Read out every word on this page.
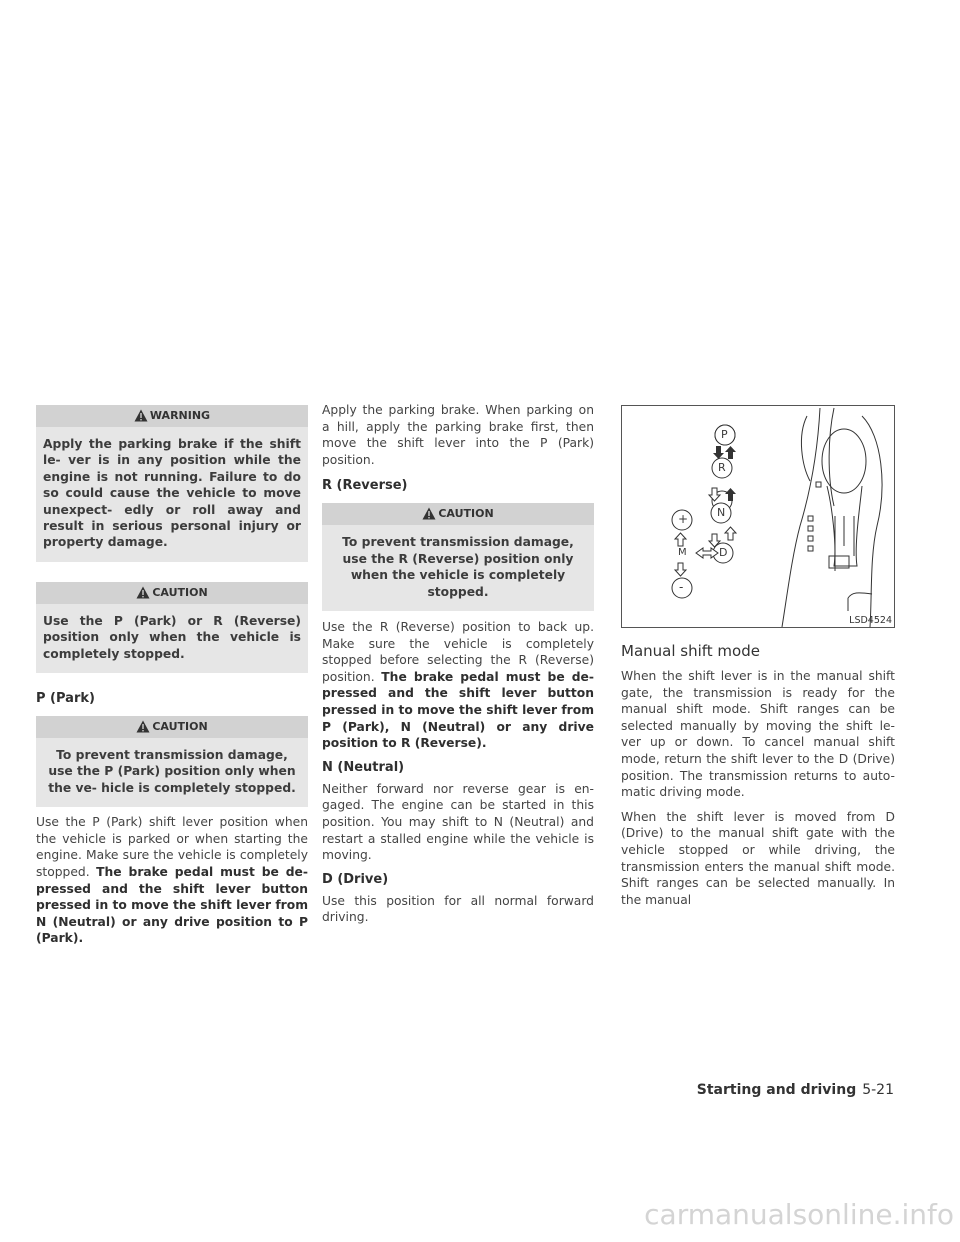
WARNING
Apply the parking brake if the shift le- ver is in any position while the engine is not running. Failure to do so could cause the vehicle to move unexpect- edly or roll away and result in serious personal injury or property damage.
CAUTION
Use the P (Park) or R (Reverse) position only when the vehicle is completely stopped.
P (Park)
CAUTION
To prevent transmission damage, use the P (Park) position only when the ve- hicle is completely stopped.

Use the P (Park) shift lever position when the vehicle is parked or when starting the engine. Make sure the vehicle is completely stopped. The brake pedal must be de- pressed and the shift lever button pressed in to move the shift lever from N (Neutral) or any drive position to P (Park).

Apply the parking brake. When parking on a hill, apply the parking brake first, then move the shift lever into the P (Park) position.

R (Reverse)
CAUTION
To prevent transmission damage, use the R (Reverse) position only when the vehicle is completely stopped.

Use the R (Reverse) position to back up. Make sure the vehicle is completely stopped before selecting the R (Reverse) position. The brake pedal must be de- pressed and the shift lever button pressed in to move the shift lever from P (Park), N (Neutral) or any drive position to R (Reverse).

N (Neutral)

Neither forward nor reverse gear is en- gaged. The engine can be started in this position. You may shift to N (Neutral) and restart a stalled engine while the vehicle is moving.

D (Drive)

Use this position for all normal forward driving.

P
R
N
D
+
-
M
LSD4524
Manual shift mode

When the shift lever is in the manual shift gate, the transmission is ready for the manual shift mode. Shift ranges can be selected manually by moving the shift le- ver up or down. To cancel manual shift mode, return the shift lever to the D (Drive) position. The transmission returns to auto- matic driving mode.

When the shift lever is moved from D (Drive) to the manual shift gate with the vehicle stopped or while driving, the transmission enters the manual shift mode. Shift ranges can be selected manually. In the manual

Starting and driving 5-21
carmanualsonline.info
